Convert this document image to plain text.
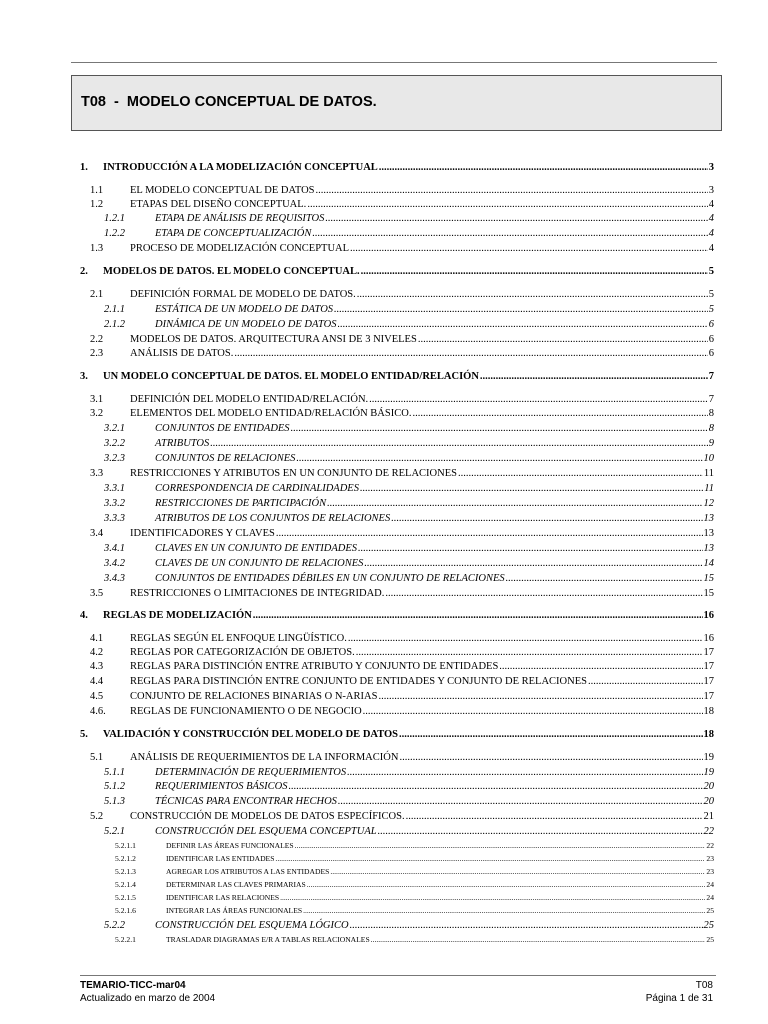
T08  -  MODELO CONCEPTUAL DE DATOS.
1.	INTRODUCCIÓN A LA MODELIZACIÓN CONCEPTUAL .....	3
1.1	EL MODELO CONCEPTUAL DE DATOS .....	3
1.2	ETAPAS DEL DISEÑO CONCEPTUAL. .....	4
1.2.1	ETAPA DE ANÁLISIS DE REQUISITOS .....	4
1.2.2	ETAPA DE CONCEPTUALIZACIÓN .....	4
1.3	PROCESO DE MODELIZACIÓN CONCEPTUAL .....	4
2.	MODELOS DE DATOS. EL MODELO CONCEPTUAL. .....	5
2.1	DEFINICIÓN FORMAL DE MODELO DE DATOS. .....	5
2.1.1	ESTÁTICA DE UN MODELO DE DATOS .....	5
2.1.2	DINÁMICA DE UN MODELO DE DATOS .....	6
2.2	MODELOS DE DATOS. ARQUITECTURA ANSI DE 3 NIVELES .....	6
2.3	ANÁLISIS DE DATOS. .....	6
3.	UN MODELO CONCEPTUAL DE DATOS. EL MODELO ENTIDAD/RELACIÓN .....	7
3.1	DEFINICIÓN DEL MODELO ENTIDAD/RELACIÓN. .....	7
3.2	ELEMENTOS DEL MODELO ENTIDAD/RELACIÓN BÁSICO. .....	8
3.2.1	CONJUNTOS DE ENTIDADES .....	8
3.2.2	ATRIBUTOS .....	9
3.2.3	CONJUNTOS DE RELACIONES .....	10
3.3	RESTRICCIONES Y ATRIBUTOS EN UN CONJUNTO DE RELACIONES .....	11
3.3.1	CORRESPONDENCIA DE CARDINALIDADES .....	11
3.3.2	RESTRICCIONES DE PARTICIPACIÓN .....	12
3.3.3	ATRIBUTOS DE LOS CONJUNTOS DE RELACIONES .....	13
3.4	IDENTIFICADORES Y CLAVES .....	13
3.4.1	CLAVES EN UN CONJUNTO DE ENTIDADES .....	13
3.4.2	CLAVES DE UN CONJUNTO DE RELACIONES .....	14
3.4.3	CONJUNTOS DE ENTIDADES DÉBILES EN UN CONJUNTO DE RELACIONES .....	15
3.5	RESTRICCIONES O LIMITACIONES DE INTEGRIDAD. .....	15
4.	REGLAS DE MODELIZACIÓN .....	16
4.1	REGLAS SEGÚN EL ENFOQUE LINGÜÍSTICO. .....	16
4.2	REGLAS POR CATEGORIZACIÓN DE OBJETOS. .....	17
4.3	REGLAS PARA DISTINCIÓN ENTRE ATRIBUTO Y CONJUNTO DE ENTIDADES .....	17
4.4	REGLAS PARA DISTINCIÓN ENTRE CONJUNTO DE ENTIDADES Y CONJUNTO DE RELACIONES .....	17
4.5	CONJUNTO DE RELACIONES BINARIAS O N-ARIAS .....	17
4.6.	REGLAS DE FUNCIONAMIENTO O DE NEGOCIO .....	18
5.	VALIDACIÓN Y CONSTRUCCIÓN DEL MODELO DE DATOS .....	18
5.1	ANÁLISIS DE REQUERIMIENTOS DE LA INFORMACIÓN .....	19
5.1.1	DETERMINACIÓN DE REQUERIMIENTOS .....	19
5.1.2	REQUERIMIENTOS BÁSICOS .....	20
5.1.3	TÉCNICAS PARA ENCONTRAR HECHOS .....	20
5.2	CONSTRUCCIÓN DE MODELOS DE DATOS ESPECÍFICOS. .....	21
5.2.1	CONSTRUCCIÓN DEL ESQUEMA CONCEPTUAL .....	22
5.2.1.1	DEFINIR LAS ÁREAS FUNCIONALES .....	22
5.2.1.2	IDENTIFICAR LAS ENTIDADES .....	23
5.2.1.3	AGREGAR LOS ATRIBUTOS A LAS ENTIDADES .....	23
5.2.1.4	DETERMINAR LAS CLAVES PRIMARIAS .....	24
5.2.1.5	IDENTIFICAR LAS RELACIONES .....	24
5.2.1.6	INTEGRAR LAS ÁREAS FUNCIONALES .....	25
5.2.2	CONSTRUCCIÓN DEL ESQUEMA LÓGICO .....	25
5.2.2.1	TRASLADAR DIAGRAMAS E/R A TABLAS RELACIONALES .....	25
TEMARIO-TICC-mar04
Actualizado en marzo de 2004
T08
Página 1 de 31
